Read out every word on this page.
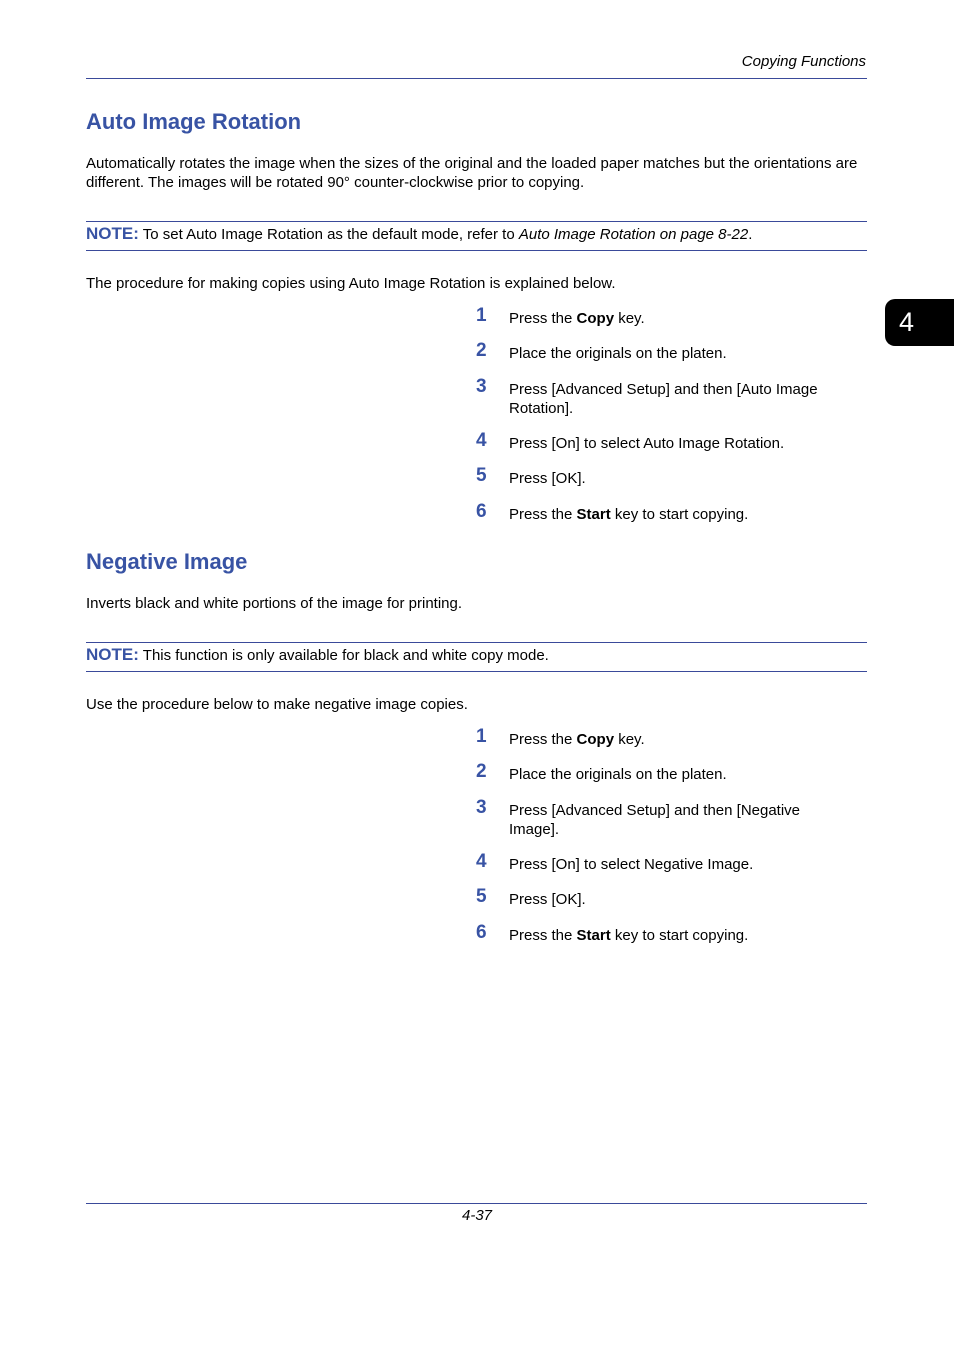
Copying Functions
4
Auto Image Rotation
Automatically rotates the image when the sizes of the original and the loaded paper matches but the orientations are different. The images will be rotated 90° counter-clockwise prior to copying.
NOTE: To set Auto Image Rotation as the default mode, refer to Auto Image Rotation on page 8-22.
The procedure for making copies using Auto Image Rotation is explained below.
1	Press the Copy key.
2	Place the originals on the platen.
3	Press [Advanced Setup] and then [Auto Image Rotation].
4	Press [On] to select Auto Image Rotation.
5	Press [OK].
6	Press the Start key to start copying.
Negative Image
Inverts black and white portions of the image for printing.
NOTE: This function is only available for black and white copy mode.
Use the procedure below to make negative image copies.
1	Press the Copy key.
2	Place the originals on the platen.
3	Press [Advanced Setup] and then [Negative Image].
4	Press [On] to select Negative Image.
5	Press [OK].
6	Press the Start key to start copying.
4-37
